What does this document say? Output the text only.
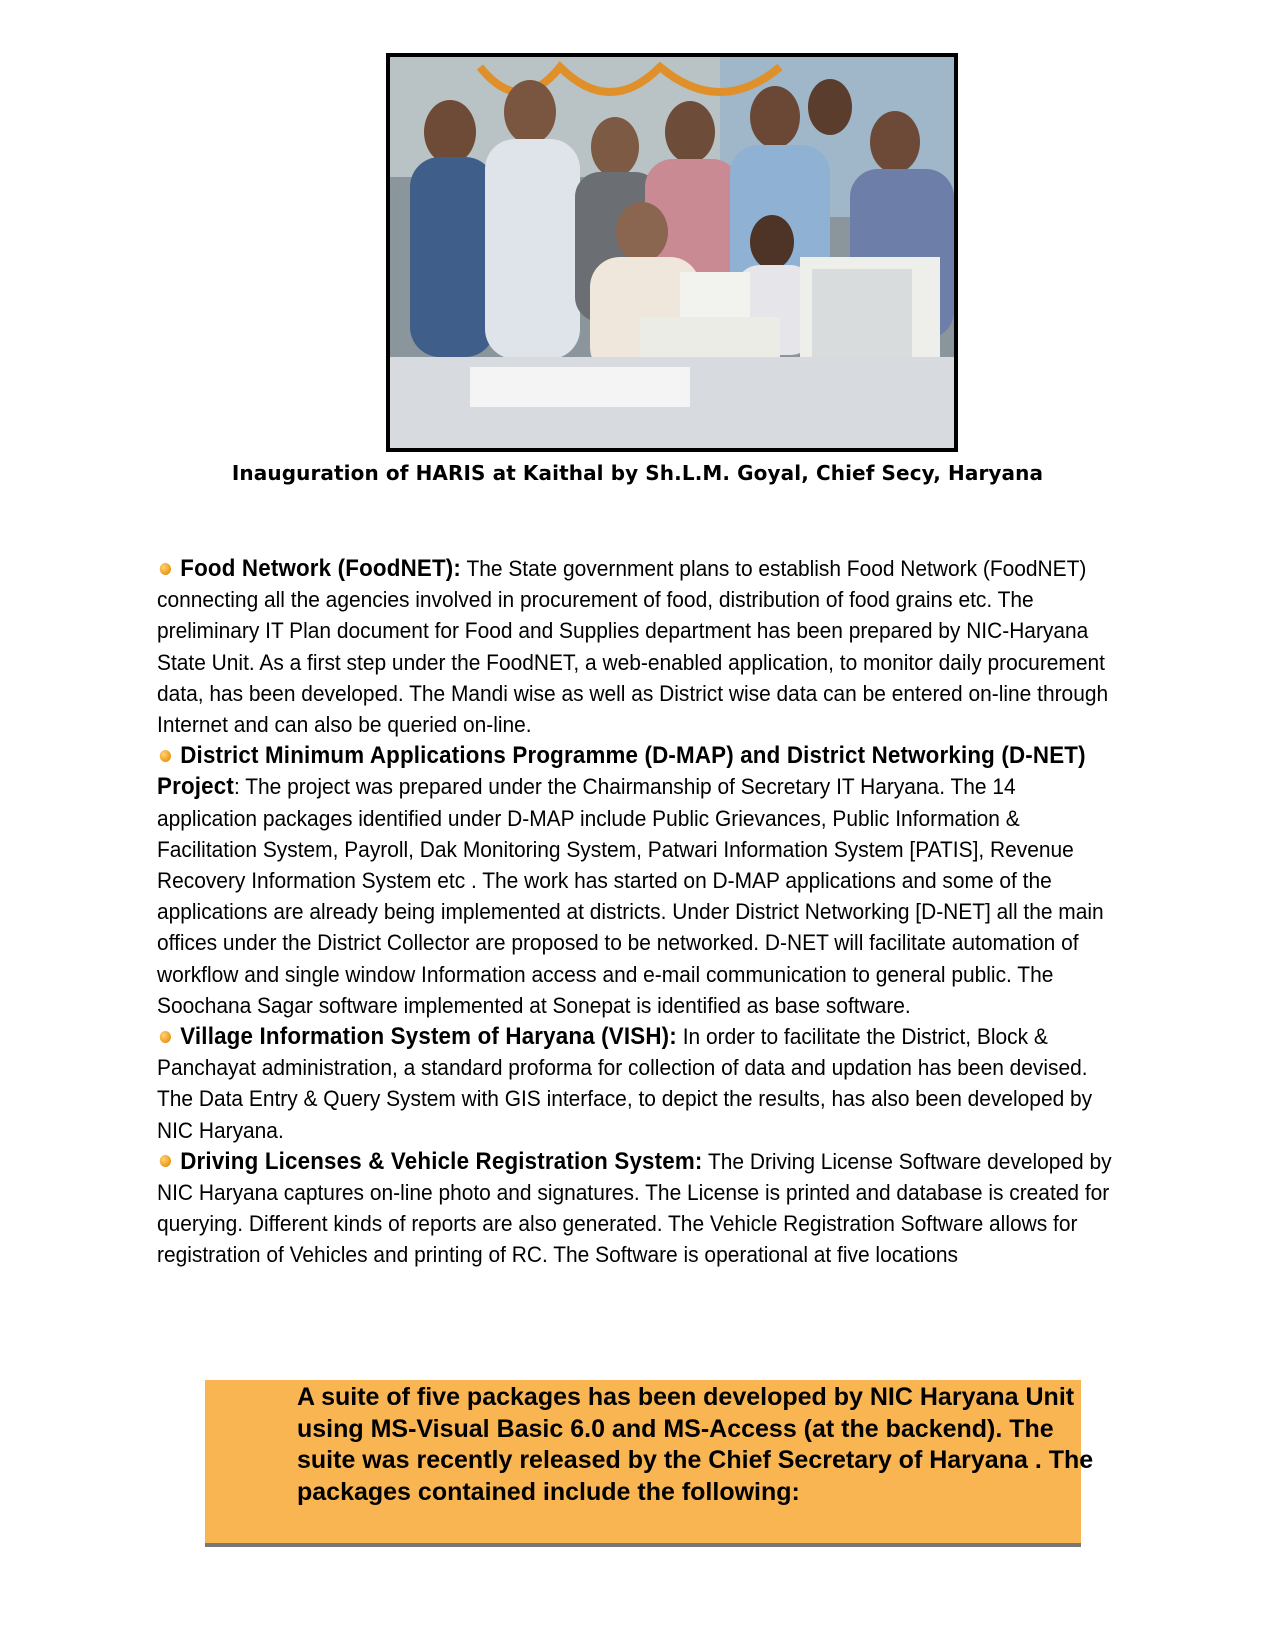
Inauguration of HARIS at Kaithal by Sh.L.M. Goyal, Chief Secy, Haryana

Food Network (FoodNET): The State government plans to establish Food Network (FoodNET) connecting all the agencies involved in procurement of food, distribution of food grains etc. The preliminary IT Plan document for Food and Supplies department has been prepared by NIC-Haryana State Unit. As a first step under the FoodNET, a web-enabled application, to monitor daily procurement data, has been developed. The Mandi wise as well as District wise data can be entered on-line through Internet and can also be queried on-line.

District Minimum Applications Programme (D-MAP) and District Networking (D-NET) Project: The project was prepared under the Chairmanship of Secretary IT Haryana. The 14 application packages identified under D-MAP include Public Grievances, Public Information & Facilitation System, Payroll, Dak Monitoring System, Patwari Information System [PATIS], Revenue Recovery Information System etc . The work has started on D-MAP applications and some of the applications are already being implemented at districts. Under District Networking [D-NET] all the main offices under the District Collector are proposed to be networked. D-NET will facilitate automation of workflow and single window Information access and e-mail communication to general public. The Soochana Sagar software implemented at Sonepat is identified as base software.

Village Information System of Haryana (VISH): In order to facilitate the District, Block & Panchayat administration, a standard proforma for collection of data and updation has been devised. The Data Entry & Query System with GIS interface, to depict the results, has also been developed by NIC Haryana.

Driving Licenses & Vehicle Registration System: The Driving License Software developed by NIC Haryana captures on-line photo and signatures. The License is printed and database is created for querying. Different kinds of reports are also generated. The Vehicle Registration Software allows for registration of Vehicles and printing of RC. The Software is operational at five locations

A suite of five packages has been developed by NIC Haryana Unit using MS-Visual Basic 6.0 and MS-Access (at the backend). The suite was recently released by the Chief Secretary of Haryana . The packages contained include the following:
